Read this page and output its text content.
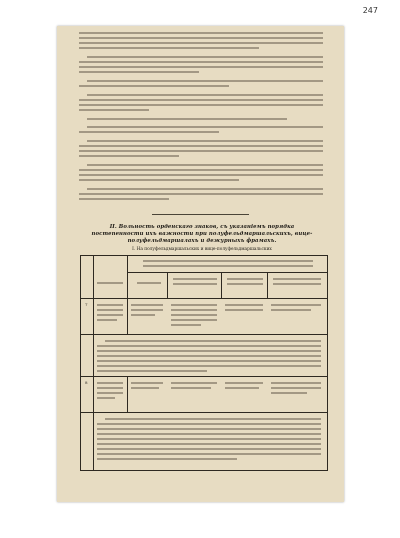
247
II. Вольность орденскаго знаков, съ указаніемъ порядка постепенности ихъ важности при полуфельдмаршальскихъ, вице-полуфельдмаршалахъ и дежурныхъ фрамахъ.
I. На полуфельдмаршальских и вице-полуфельдмаршальских
7
8
